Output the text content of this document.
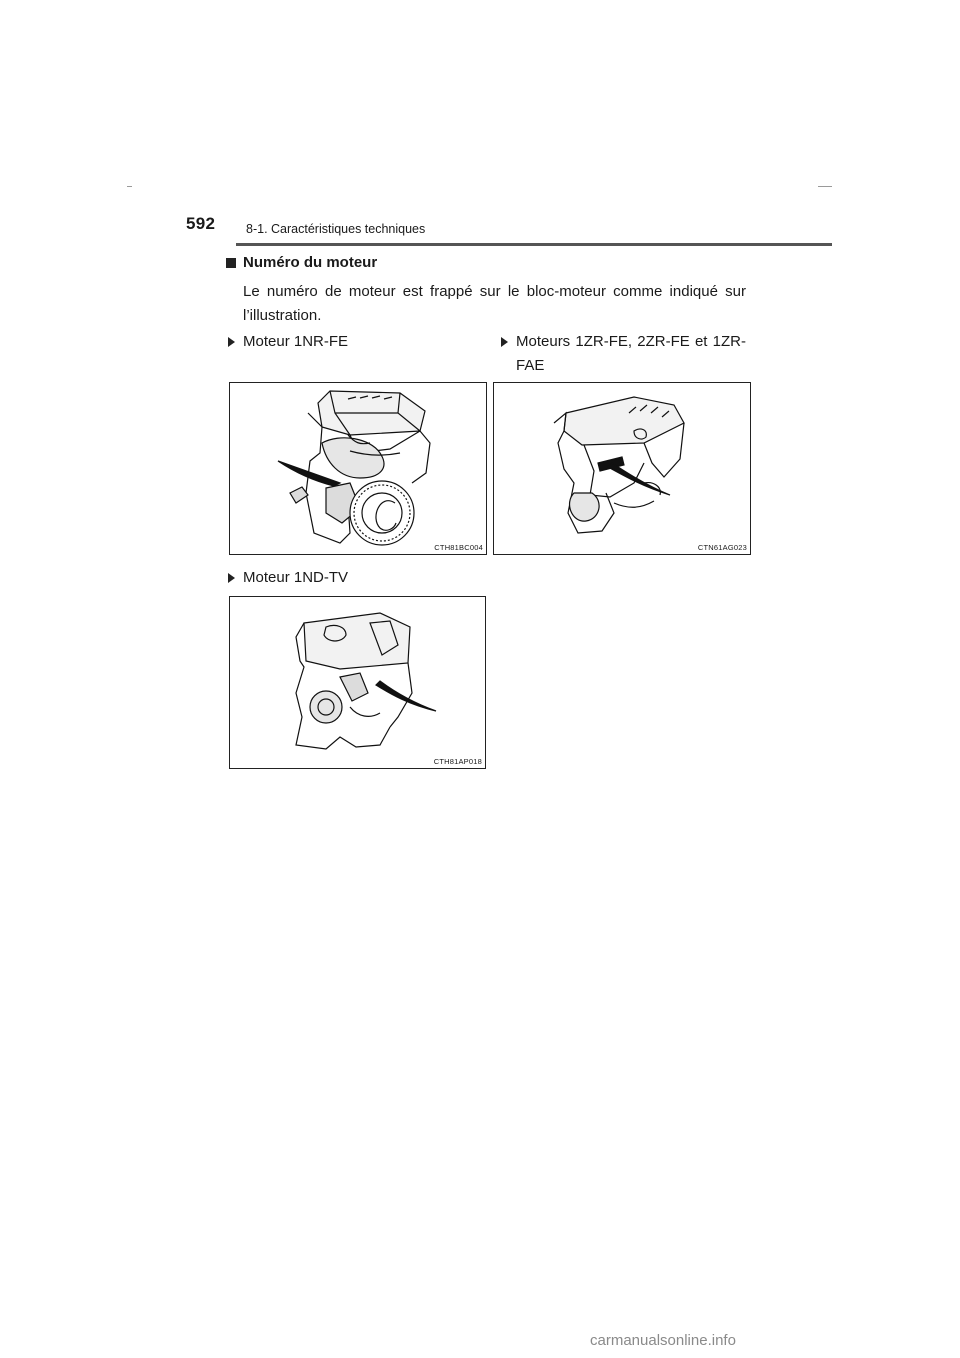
592 8-1. Caractéristiques techniques
Numéro du moteur
Le numéro de moteur est frappé sur le bloc-moteur comme indiqué sur l’illustration.
Moteur 1NR-FE	Moteurs 1ZR-FE, 2ZR-FE et 1ZR-FAE
CTH81BC004	CTN61AG023
Moteur 1ND-TV
CTH81AP018
carmanualsonline.info
